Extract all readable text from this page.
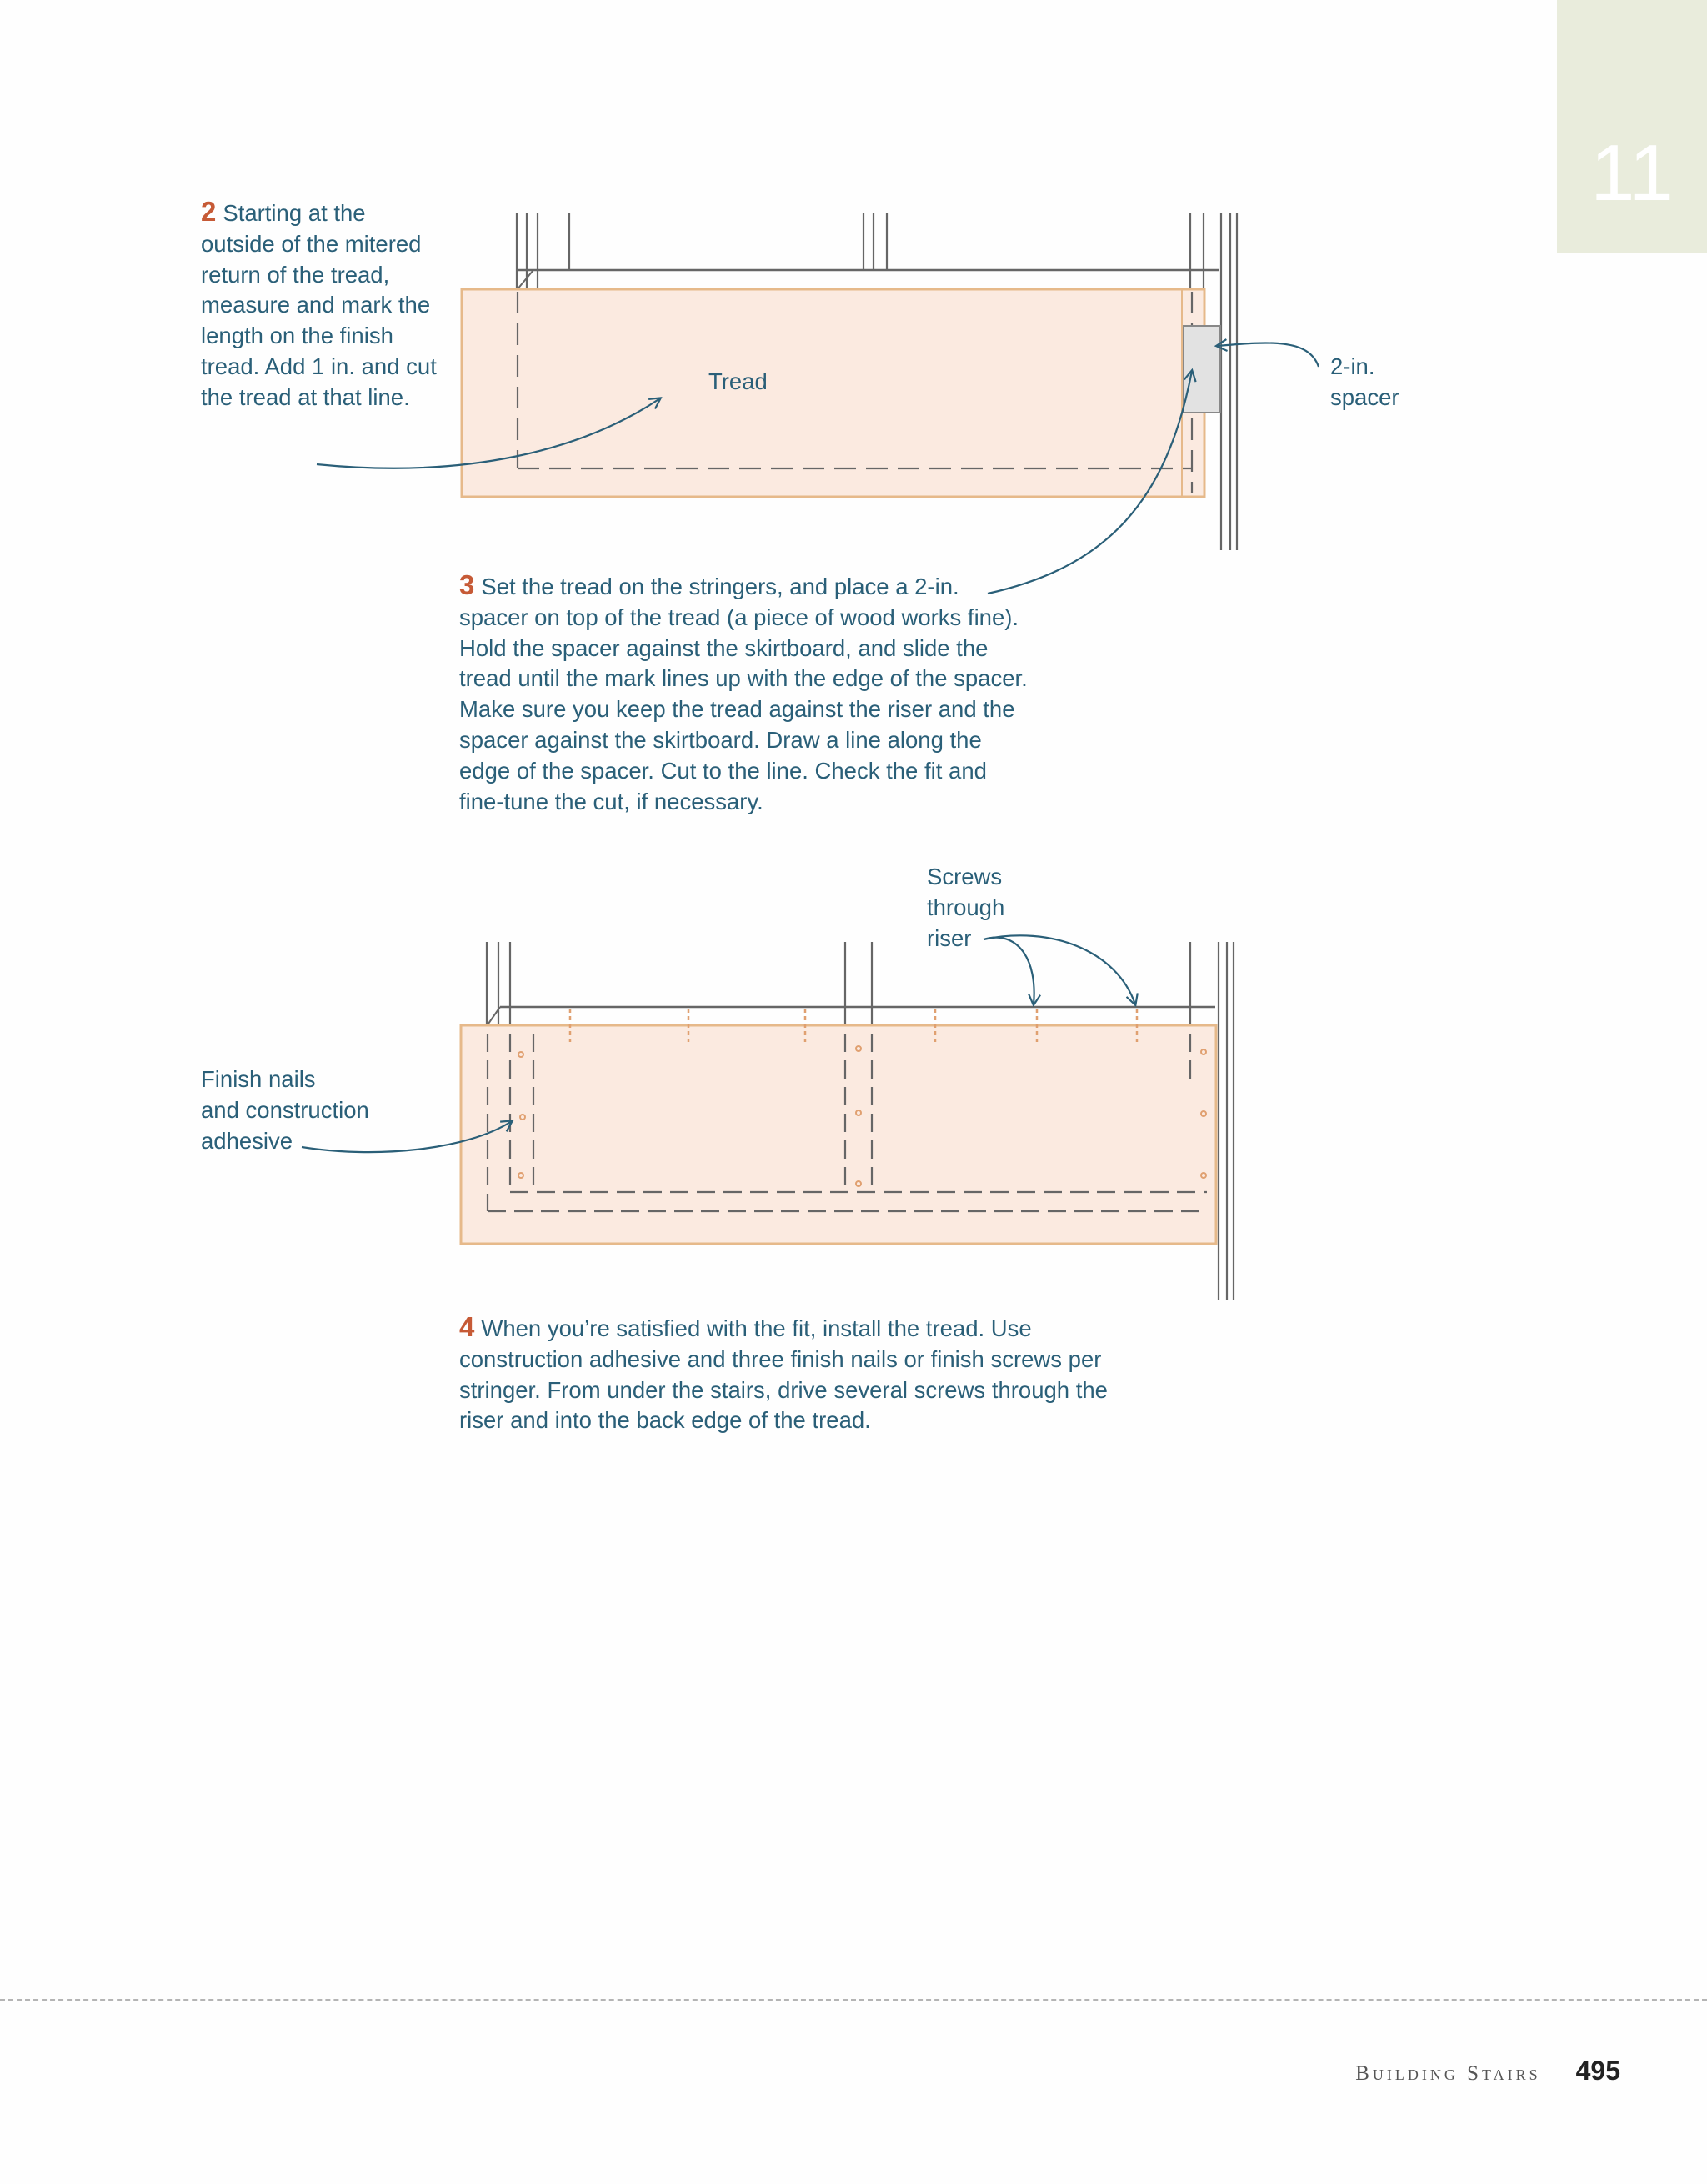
11

2 Starting at the outside of the mitered return of the tread, measure and mark the length on the finish tread. Add 1 in. and cut the tread at that line.

Tread

2-in.
spacer

3 Set the tread on the stringers, and place a 2-in. spacer on top of the tread (a piece of wood works fine). Hold the spacer against the skirtboard, and slide the tread until the mark lines up with the edge of the spacer. Make sure you keep the tread against the riser and the spacer against the skirtboard. Draw a line along the edge of the spacer. Cut to the line. Check the fit and fine-tune the cut, if necessary.

Screws
through
riser
Finish nails
and construction
adhesive

4 When you’re satisfied with the fit, install the tread. Use construction adhesive and three finish nails or finish screws per stringer. From under the stairs, drive several screws through the riser and into the back edge of the tread.

Building Stairs 495
